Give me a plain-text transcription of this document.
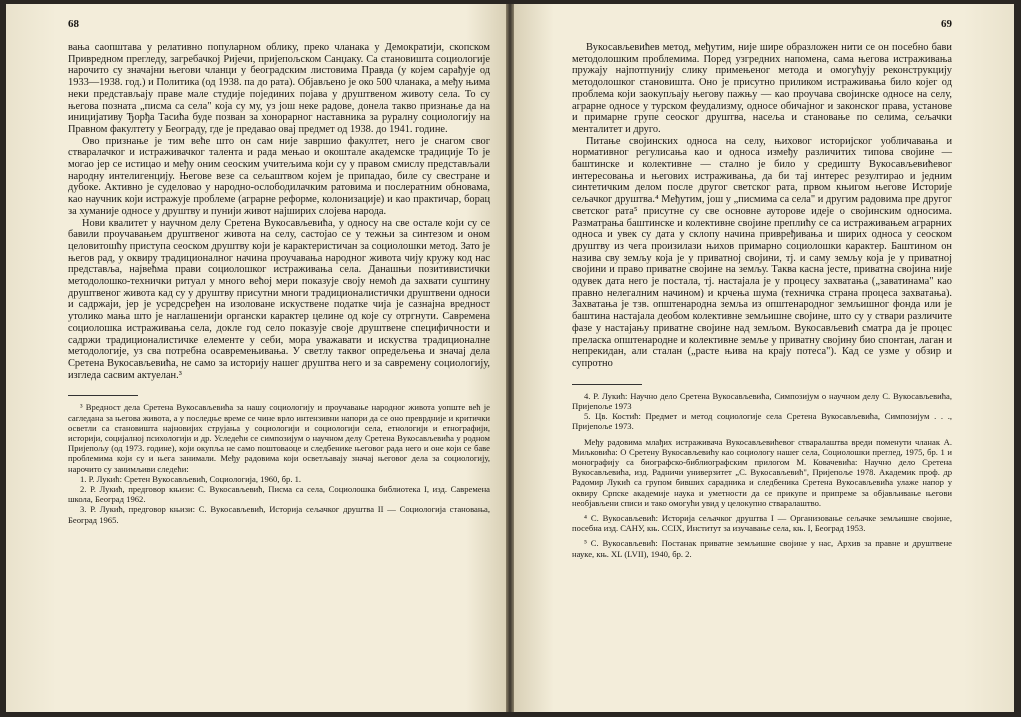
68

вања саопштава у релативно популарном облику, преко чланака у Демократији, скопском Привредном прегледу, загребачкој Ријечи, пријепољском Санџаку. Са становишта социологије нарочито су значајни његови чланци у београдским листовима Правда (у којем сарађује од 1933—1938. год.) и Политика (од 1938. па до рата). Објављено је око 500 чланака, а међу њима неки представљају праве мале студије појединих појава у друштвеном животу села. То су његова позната „писма са села" која су му, уз још неке радове, донела такво признање да на иницијативу Ђорђа Тасића буде позван за хонорарног наставника за руралну социологију на Правном факултету у Београду, где је предавао овај предмет од 1938. до 1941. године.

Ово признање је тим веће што он сам није завршио факултет, него је снагом свог стваралачког и истраживачког талента и рада мењао и окошталe академске традиције То је могао јер се истицао и међу оним сеоским учитељима који су у правом смислу представљали народну интелигенцију. Његове везе са сељаштвом којем је припадао, биле су свестране и дубоке. Активно је суделовао у народно-ослободилачким ратовима и послератним обновама, као научник који истражује проблеме (аграрне реформе, колонизације) и као практичар, борац за хуманије односе у друштву и пунији живот најширих слојева народа.

Нови квалитет у научном делу Сретена Вукосављевића, у односу на све остале који су се бавили проучавањем друштвеног живота на селу, састојао се у тежњи за синтезом и оном целовитошћу приступа сеоском друштву који је карактеристичан за социолошки метод. Зато је његов рад, у оквиру традиционалног начина проучавања народног живота чију кружу код нас представља, највећма прави социолошког истраживања села. Данашњи позитивистички методолошко-технички ритуал у много већој мери показује своју немоћ да захвати суштину друштвеног живота кад су у друштву присутни многи традиционалистички друштвени односи и садржаји, јер је усредсређен на изоловане искуствене податке чија је сазнајна вредност утолико мања што је наглашенији органски карактер целине од које су отргнути. Савремена социолошка истраживања села, докле год село показује своје друштвене специфичности и садржи традиционалистичке елементе у себи, мора уважавати и искуства традиционалне методологије, уз сва потребна осавремењивања. У светлу таквог опредељења и значај дела Сретена Вукосављевића, не само за историју нашег друштва него и за савремену социологију, изгледа сасвим актуелан.³

³ Вредност дела Сретена Вукосављевића за нашу социологију и проучавање народног живота уопште већ је сагледана за његова живота, а у последње време се чине врло интензивни напори да се оно преврдније и критички осветли са становишта најновијих струјања у социологији и социологији села, етнологији и етнографији, историји, социјалној психологији и др. Уследећи се симпозијум о научном делу Сретена Вукосављевића у родном Пријепољу (од 1973. године), који окупља не само поштоваоце и следбенике његовог рада него и оне који се баве проблемима који су и њега занимали. Међу радовима који осветљавају значај његовог дела за социологију, нарочито су занимљиви следећи:

1. Р. Лукић: Сретен Вукосављевић, Социологија, 1960, бр. 1.

2. Р. Лукић, предговор књизи: С. Вукосављевић, Писма са села, Социолошка библиотека I, изд. Савремена школа, Београд 1962.

3. Р. Лукић, предговор књизи: С. Вукосављевић, Историја сељачког друштва II — Социологија становања, Београд 1965.

69

Вукосављевићев метод, међутим, није шире образложен нити се он посебно бави методолошким проблемима. Поред узгредних напомена, сама његова истраживања пружају најпотпунију слику примењеног метода и омогућују реконструкцију методолошког становишта. Оно је присутно приликом истраживања било којег од проблема који заокупљају његову пажњу — као проучава својинске односе на селу, аграрне односе у турском феудализму, односе обичајног и законског права, установе и примарне групе сеоског друштва, насеља и становање по селима, сељачки менталитет и друго.

Питање својинских односа на селу, њиховог историјског уобличавања и нормативног регулисања као и односа између различитих типова својине — баштинске и колективне — стално је било у средишту Вукосављевићевог интересовања и његових истраживања, да би тај интерес резултирао и једним синтетичким делом после другог светског рата, првом књигом његове Историје сељачког друштва.⁴ Међутим, још у „писмима са села" и другим радовима пре другог светског рата⁵ присутне су све основне ауторове идеје о својинским односима. Разматрања баштинске и колективне својине преплићу се са истраживањем аграрних односа и увек су дата у склопу начина привређивања и ширих односа у сеоском друштву из чега произилази њихов примарно социолошки карактер. Баштином он назива сву земљу која је у приватној својини, тј. и саму земљу која је у приватној својини и право приватне својине на земљу. Таква касна јесте, приватна својина није одувек дата него је постала, тј. настајала је у процесу захватања („заватинама" као правно нелегалним начином) и крчења шума (техничка страна процеса захватања). Захватања је тзв. општенародна земља из општенародног земљишног фонда или је баштина настајала деобом колективне земљишне својине, што су у ствари различите фазе у настајању приватне својине над земљом. Вукосављевић сматра да је процес преласка општенародне и колективне земље у приватну својину био спонтан, лаган и непрекидан, али сталан („расте њива на крају потеса"). Кад се узме у обзир и супротно

4. Р. Лукић: Научно дело Сретена Вукосављевића, Симпозијум о научном делу С. Вукосављевића, Пријепоље 1973

5. Цв. Костић: Предмет и метод социологије села Сретена Вукосављевића, Симпозијум . . ., Пријепоље 1973.

Међу радовима млађих истраживача Вукосављевићевог стваралаштва вреди поменути чланак А. Миљковића: О Сретену Вукосављевићу као социологу нашег села, Социолошки преглед, 1975, бр. 1 и монографију са биографско-библиографским прилогом М. Ковачевића: Научно дело Сретена Вукосављевића, изд. Радничи универзитет „С. Вукосављевић", Пријепоље 1978. Академик проф. др Радомир Лукић са групом бивших сарадника и следбеника Сретена Вукосављевића улаже напор у оквиру Српске академије наука и уметности да се прикупе и припреме за објављивање његови необјављени списи и тако омогући увид у целокупно стваралаштво.

⁴ С. Вукосављевић: Историја сељачког друштва I — Организовање сељачке земљишне својине, посебна изд. САНУ, књ. CCIX, Институт за изучавање села, књ. I, Београд 1953.

⁵ С. Вукосављевић: Постанак приватне земљишне својине у нас, Архив за правне и друштвене науке, књ. XL (LVII), 1940, бр. 2.
